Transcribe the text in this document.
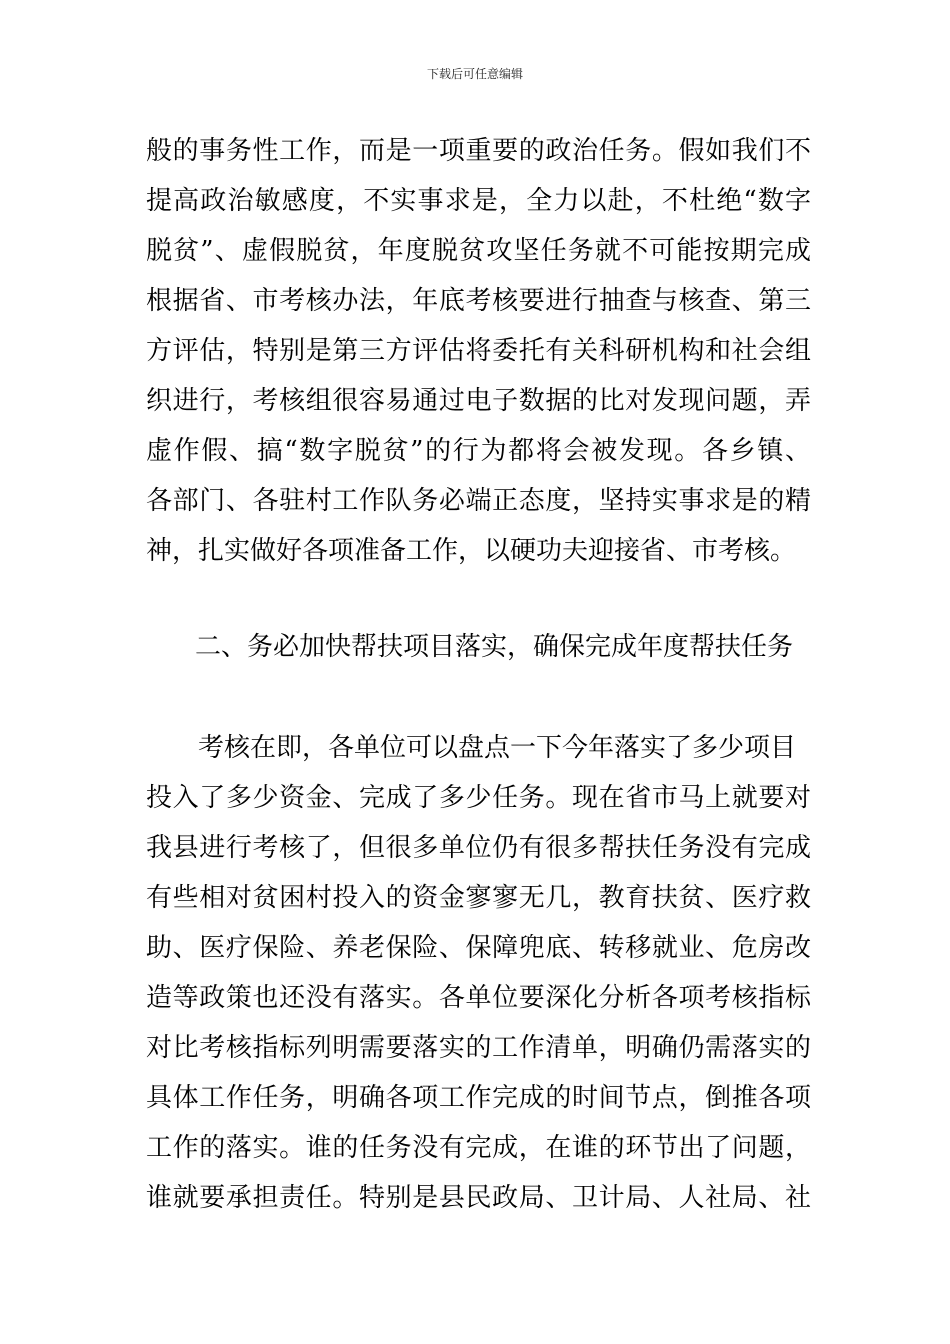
下载后可任意编辑
般的事务性工作，而是一项重要的政治任务。假如我们不
提高政治敏感度，不实事求是，全力以赴，不杜绝“数字
脱贫”、虚假脱贫，年度脱贫攻坚任务就不可能按期完成
根据省、市考核办法，年底考核要进行抽查与核查、第三
方评估，特别是第三方评估将委托有关科研机构和社会组
织进行，考核组很容易通过电子数据的比对发现问题，弄
虚作假、搞“数字脱贫”的行为都将会被发现。各乡镇、
各部门、各驻村工作队务必端正态度，坚持实事求是的精
神，扎实做好各项准备工作，以硬功夫迎接省、市考核。
二、务必加快帮扶项目落实，确保完成年度帮扶任务
　　考核在即，各单位可以盘点一下今年落实了多少项目
投入了多少资金、完成了多少任务。现在省市马上就要对
我县进行考核了，但很多单位仍有很多帮扶任务没有完成
有些相对贫困村投入的资金寥寥无几，教育扶贫、医疗救
助、医疗保险、养老保险、保障兜底、转移就业、危房改
造等政策也还没有落实。各单位要深化分析各项考核指标
对比考核指标列明需要落实的工作清单，明确仍需落实的
具体工作任务，明确各项工作完成的时间节点，倒推各项
工作的落实。谁的任务没有完成，在谁的环节出了问题，
谁就要承担责任。特别是县民政局、卫计局、人社局、社
